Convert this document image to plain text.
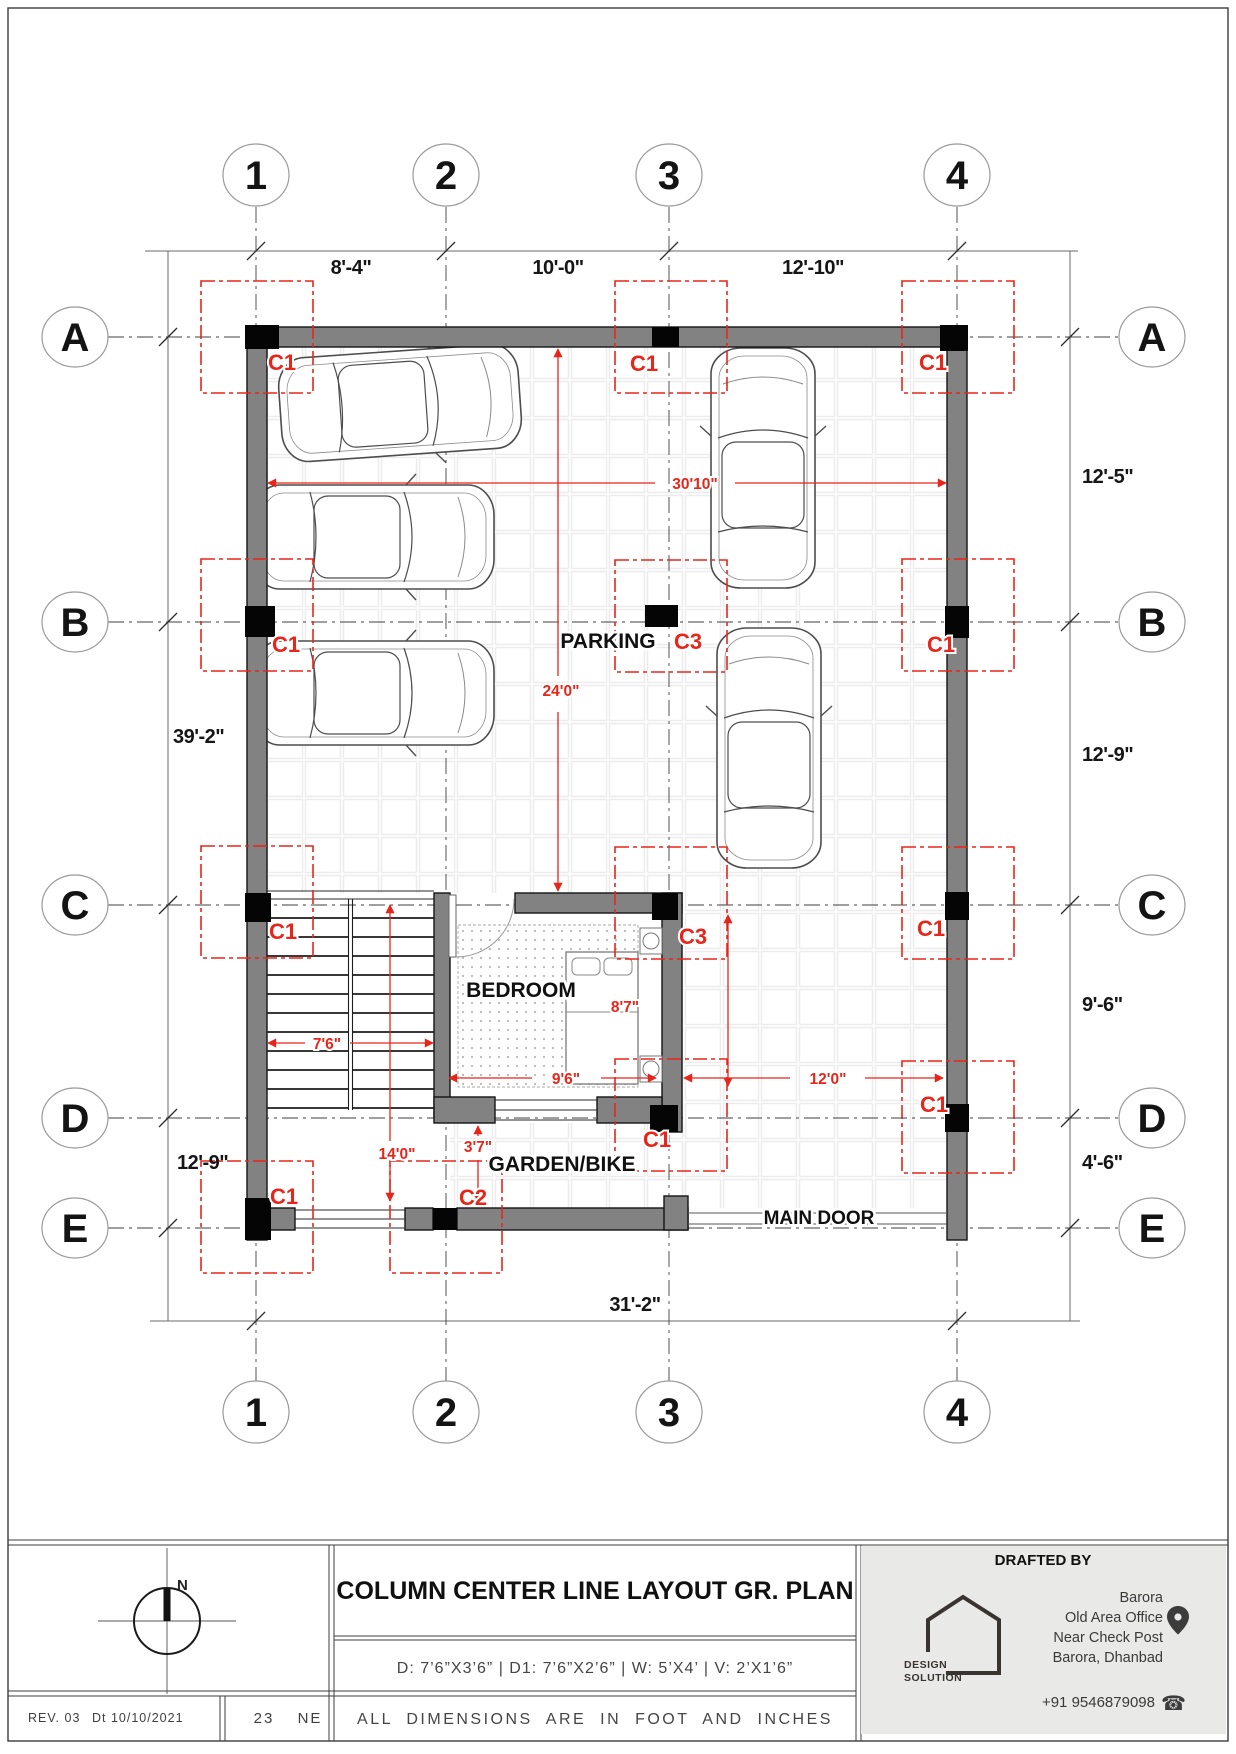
30'10"
24'0"
8'7"
9'6"	12'0"
7'6"
14'0"	3'7"
C1	C1	C1
C1	C3	C1
C1	C3	C1
C1
C1
C1	C2
PARKING
BEDROOM
GARDEN/BIKE
MAIN DOOR
8'-4"	10'-0"	12'-10"
12'-5"
12'-9"
9'-6"
4'-6"
39'-2"
12'-9"
31'-2"
1	2	3	4
1	2	3	4
A
B
C
D
E
A
B
C
D
E
N	COLUMN CENTER LINE LAYOUT GR. PLAN
D: 7’6”X3’6” | D1: 7’6”X2’6” | W: 5’X4’ | V: 2’X1’6”
ALL DIMENSIONS ARE IN FOOT AND INCHES
REV. 03 Dt 10/10/2021	23 NE
DRAFTED BY
DESIGN
SOLUTION
Barora
Old Area Office
Near Check Post
Barora, Dhanbad
+91 9546879098 ☎
